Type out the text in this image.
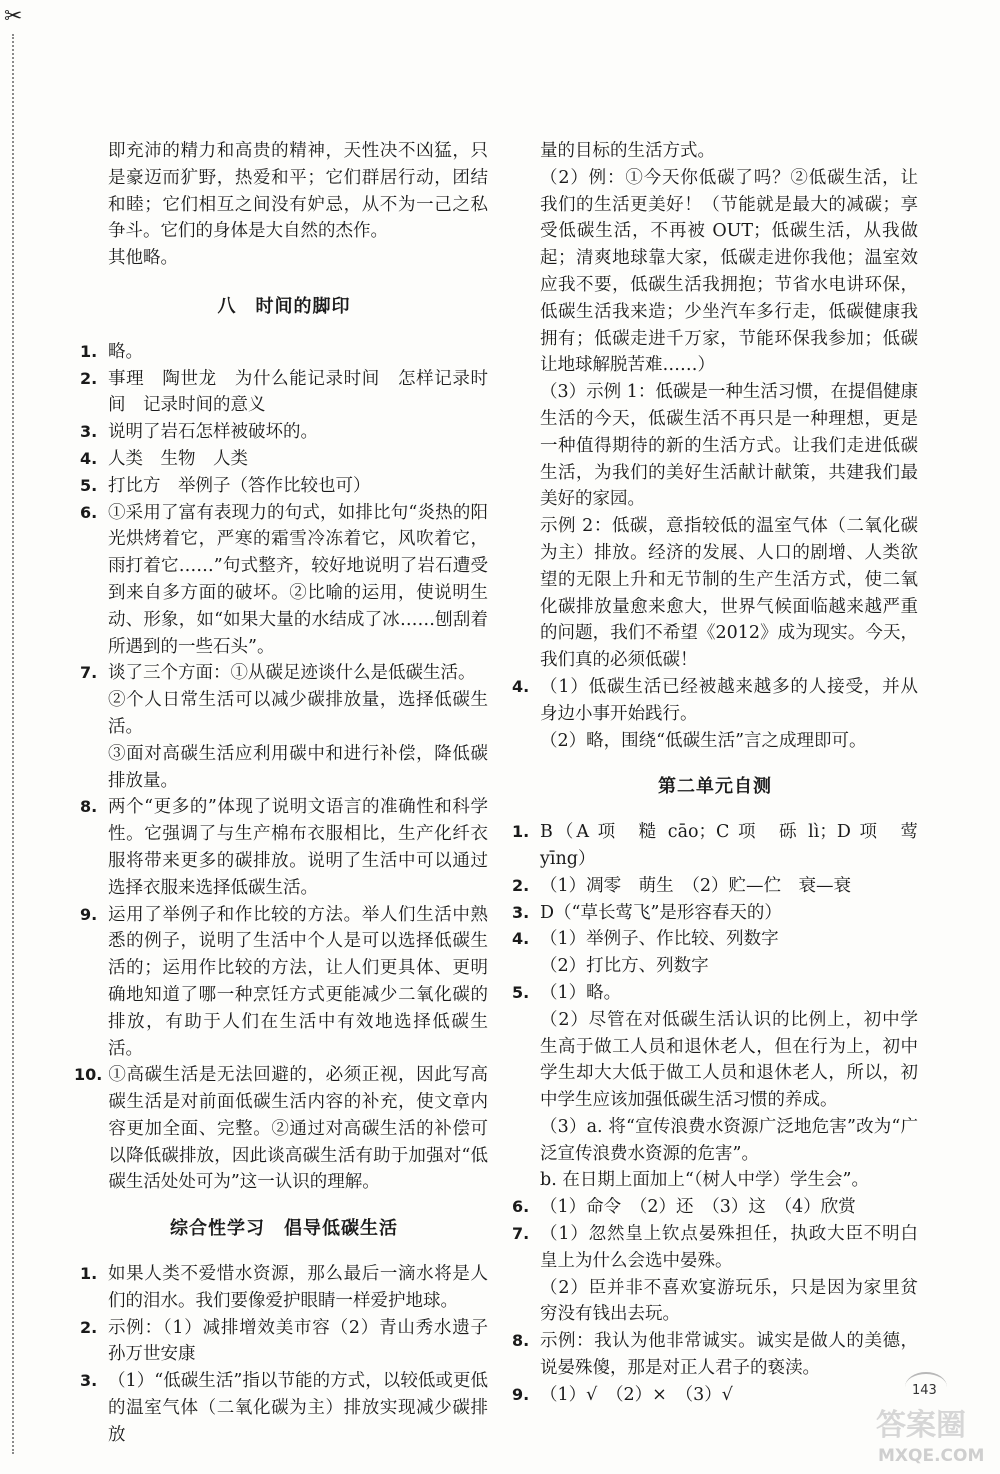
✂

即充沛的精力和高贵的精神，天性决不凶猛，只是豪迈而犷野，热爱和平；它们群居行动，团结和睦；它们相互之间没有妒忌，从不为一己之私争斗。它们的身体是大自然的杰作。

其他略。

八　时间的脚印
1. 略。
2. 事理　陶世龙　为什么能记录时间　怎样记录时间　记录时间的意义
3. 说明了岩石怎样被破坏的。
4. 人类　生物　人类
5. 打比方　举例子（答作比较也可）
6. ①采用了富有表现力的句式，如排比句“炎热的阳光烘烤着它，严寒的霜雪冷冻着它，风吹着它，雨打着它……”句式整齐，较好地说明了岩石遭受到来自多方面的破坏。②比喻的运用，使说明生动、形象，如“如果大量的水结成了冰……刨刮着所遇到的一些石头”。
7. 谈了三个方面：①从碳足迹谈什么是低碳生活。
②个人日常生活可以减少碳排放量，选择低碳生活。
③面对高碳生活应利用碳中和进行补偿，降低碳排放量。
8. 两个“更多的”体现了说明文语言的准确性和科学性。它强调了与生产棉布衣服相比，生产化纤衣服将带来更多的碳排放。说明了生活中可以通过选择衣服来选择低碳生活。
9. 运用了举例子和作比较的方法。举人们生活中熟悉的例子，说明了生活中个人是可以选择低碳生活的；运用作比较的方法，让人们更具体、更明确地知道了哪一种烹饪方式更能减少二氧化碳的排放，有助于人们在生活中有效地选择低碳生活。
10. ①高碳生活是无法回避的，必须正视，因此写高碳生活是对前面低碳生活内容的补充，使文章内容更加全面、完整。②通过对高碳生活的补偿可以降低碳排放，因此谈高碳生活有助于加强对“低碳生活处处可为”这一认识的理解。
综合性学习　倡导低碳生活
1. 如果人类不爱惜水资源，那么最后一滴水将是人们的泪水。我们要像爱护眼睛一样爱护地球。
2. 示例：（1）减排增效美市容（2）青山秀水遗子孙万世安康
3. （1）“低碳生活”指以节能的方式，以较低或更低的温室气体（二氧化碳为主）排放实现减少碳排放

量的目标的生活方式。

（2）例：①今天你低碳了吗？②低碳生活，让我们的生活更美好！（节能就是最大的减碳；享受低碳生活，不再被 OUT；低碳生活，从我做起；清爽地球靠大家，低碳走进你我他；温室效应我不要，低碳生活我拥抱；节省水电讲环保，低碳生活我来造；少坐汽车多行走，低碳健康我拥有；低碳走进千万家，节能环保我参加；低碳让地球解脱苦难……）

（3）示例 1：低碳是一种生活习惯，在提倡健康生活的今天，低碳生活不再只是一种理想，更是一种值得期待的新的生活方式。让我们走进低碳生活，为我们的美好生活献计献策，共建我们最美好的家园。

示例 2：低碳，意指较低的温室气体（二氧化碳为主）排放。经济的发展、人口的剧增、人类欲望的无限上升和无节制的生产生活方式，使二氧化碳排放量愈来愈大，世界气候面临越来越严重的问题，我们不希望《2012》成为现实。今天，我们真的必须低碳！

4. （1）低碳生活已经被越来越多的人接受，并从身边小事开始践行。
（2）略，围绕“低碳生活”言之成理即可。
第二单元自测
1. B（A 项　糙 cāo；C 项　砾 lì；D 项　莺 yīng）
2. （1）凋零　萌生　（2）贮—伫　衰—衰
3. D（“草长莺飞”是形容春天的）
4. （1）举例子、作比较、列数字
（2）打比方、列数字
5. （1）略。
（2）尽管在对低碳生活认识的比例上，初中学生高于做工人员和退休老人，但在行为上，初中学生却大大低于做工人员和退休老人，所以，初中学生应该加强低碳生活习惯的养成。
（3）a. 将“宣传浪费水资源广泛地危害”改为“广泛宣传浪费水资源的危害”。
b. 在日期上面加上“（树人中学）学生会”。
6. （1）命令　（2）还　（3）这　（4）欣赏
7. （1）忽然皇上钦点晏殊担任，执政大臣不明白皇上为什么会选中晏殊。
（2）臣并非不喜欢宴游玩乐，只是因为家里贫穷没有钱出去玩。
8. 示例：我认为他非常诚实。诚实是做人的美德，说晏殊傻，那是对正人君子的亵渎。
9. （1）√　（2）×　（3）√	143
答案圈
MXQE.COM
